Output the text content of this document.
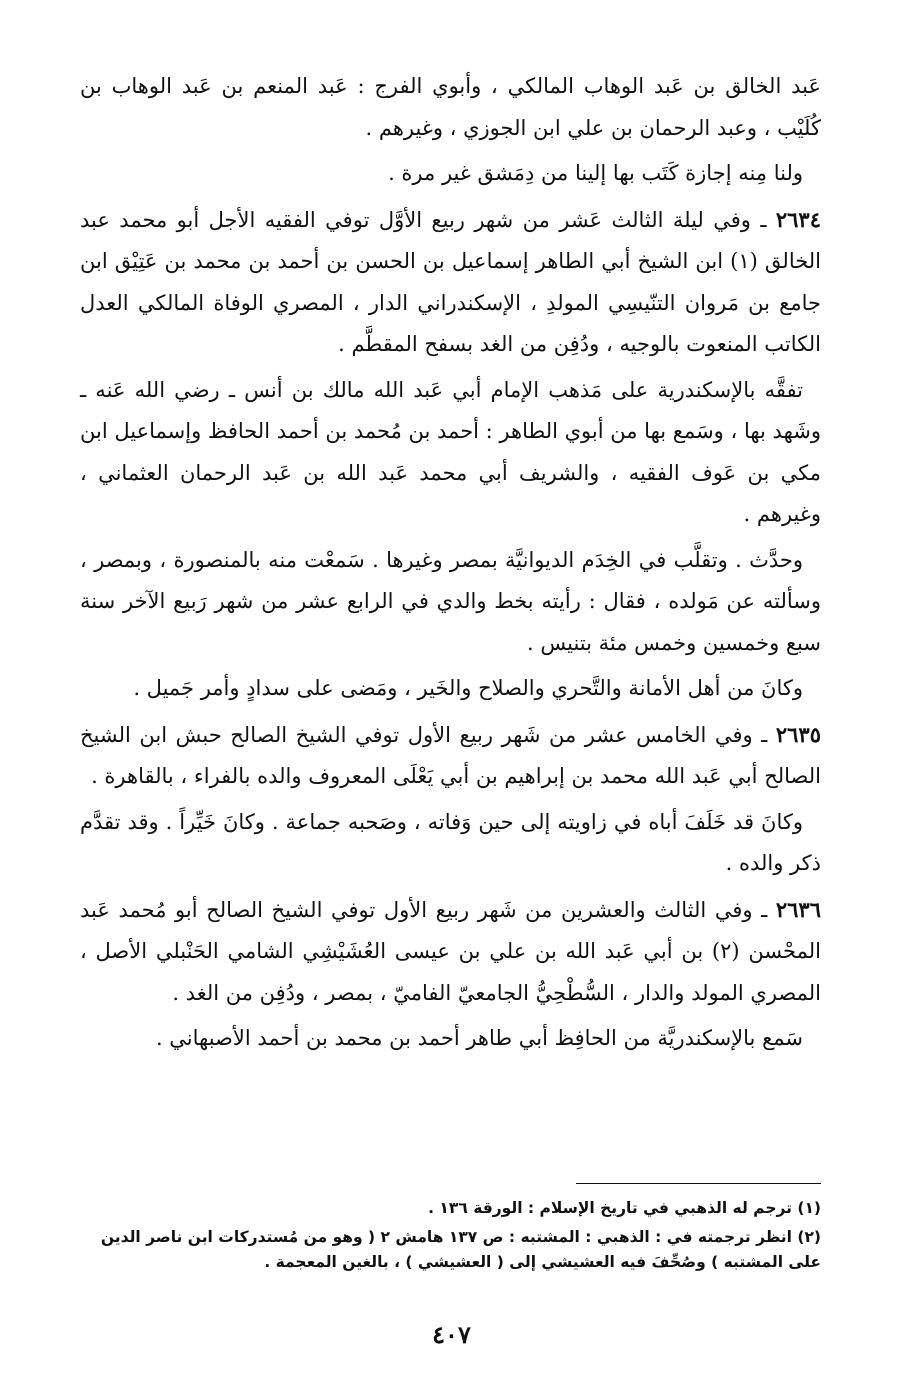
عَبد الخالق بن عَبد الوهاب المالكي ، وأبوي الفرج : عَبد المنعم بن عَبد الوهاب بن كُلَيْب ، وعبد الرحمان بن علي ابن الجوزي ، وغيرهم .

ولنا مِنه إجازة كَتَب بها إلينا من دِمَشق غير مرة .

٢٦٣٤ ـ وفي ليلة الثالث عَشر من شهر ربيع الأوَّل توفي الفقيه الأجل أبو محمد عبد الخالق (١) ابن الشيخ أبي الطاهر إسماعيل بن الحسن بن أحمد بن محمد بن عَتِيْق ابن جامع بن مَروان التنّيسِي المولدِ ، الإسكندراني الدار ، المصري الوفاة المالكي العدل الكاتب المنعوت بالوجيه ، ودُفِن من الغد بسفح المقطَّم .

تفقَّه بالإسكندرية على مَذهب الإمام أبي عَبد الله مالك بن أنس ـ رضي الله عَنه ـ وشَهد بها ، وسَمع بها من أبوي الطاهر : أحمد بن مُحمد بن أحمد الحافظ وإسماعيل ابن مكي بن عَوف الفقيه ، والشريف أبي محمد عَبد الله بن عَبد الرحمان العثماني ، وغيرهم .

وحدَّث . وتقلَّب في الخِدَم الديوانيَّة بمصر وغيرها . سَمعْت منه بالمنصورة ، وبمصر ، وسألته عن مَولده ، فقال : رأيته بخط والدي في الرابع عشر من شهر رَبيع الآخر سنة سبع وخمسين وخمس مئة بتنيس .

وكانَ من أهل الأمانة والتَّحري والصلاح والخَير ، ومَضى على سدادٍ وأمر جَميل .

٢٦٣٥ ـ وفي الخامس عشر من شَهر ربيع الأول توفي الشيخ الصالح حبش ابن الشيخ الصالح أبي عَبد الله محمد بن إبراهيم بن أبي يَعْلَى المعروف والده بالفراء ، بالقاهرة .

وكانَ قد خَلَفَ أباه في زاويته إلى حين وَفاته ، وصَحبه جماعة . وكانَ خَيِّراً . وقد تقدَّم ذكر والده .

٢٦٣٦ ـ وفي الثالث والعشرين من شَهر ربيع الأول توفي الشيخ الصالح أبو مُحمد عَبد المحْسن (٢) بن أبي عَبد الله بن علي بن عيسى العُشَيْشِي الشامي الحَنْبلي الأصل ، المصري المولد والدار ، السُّطْحِيُّ الجامعيّ الفاميّ ، بمصر ، ودُفِن من الغد .

سَمع بالإسكندريَّة من الحافِظ أبي طاهر أحمد بن محمد بن أحمد الأصبهاني .

(١) ترجم له الذهبي في تاريخ الإسلام : الورقة ١٣٦ .

(٢) انظر ترجمته في : الذهبي : المشتبه : ص ١٣٧ هامش ٢ ( وهو من مُستدركات ابن ناصر الدين على المشتبه ) وصُحِّفَ فيه العشيشي إلى ( العشيشي ) ، بالغين المعجمة .

٤٠٧
